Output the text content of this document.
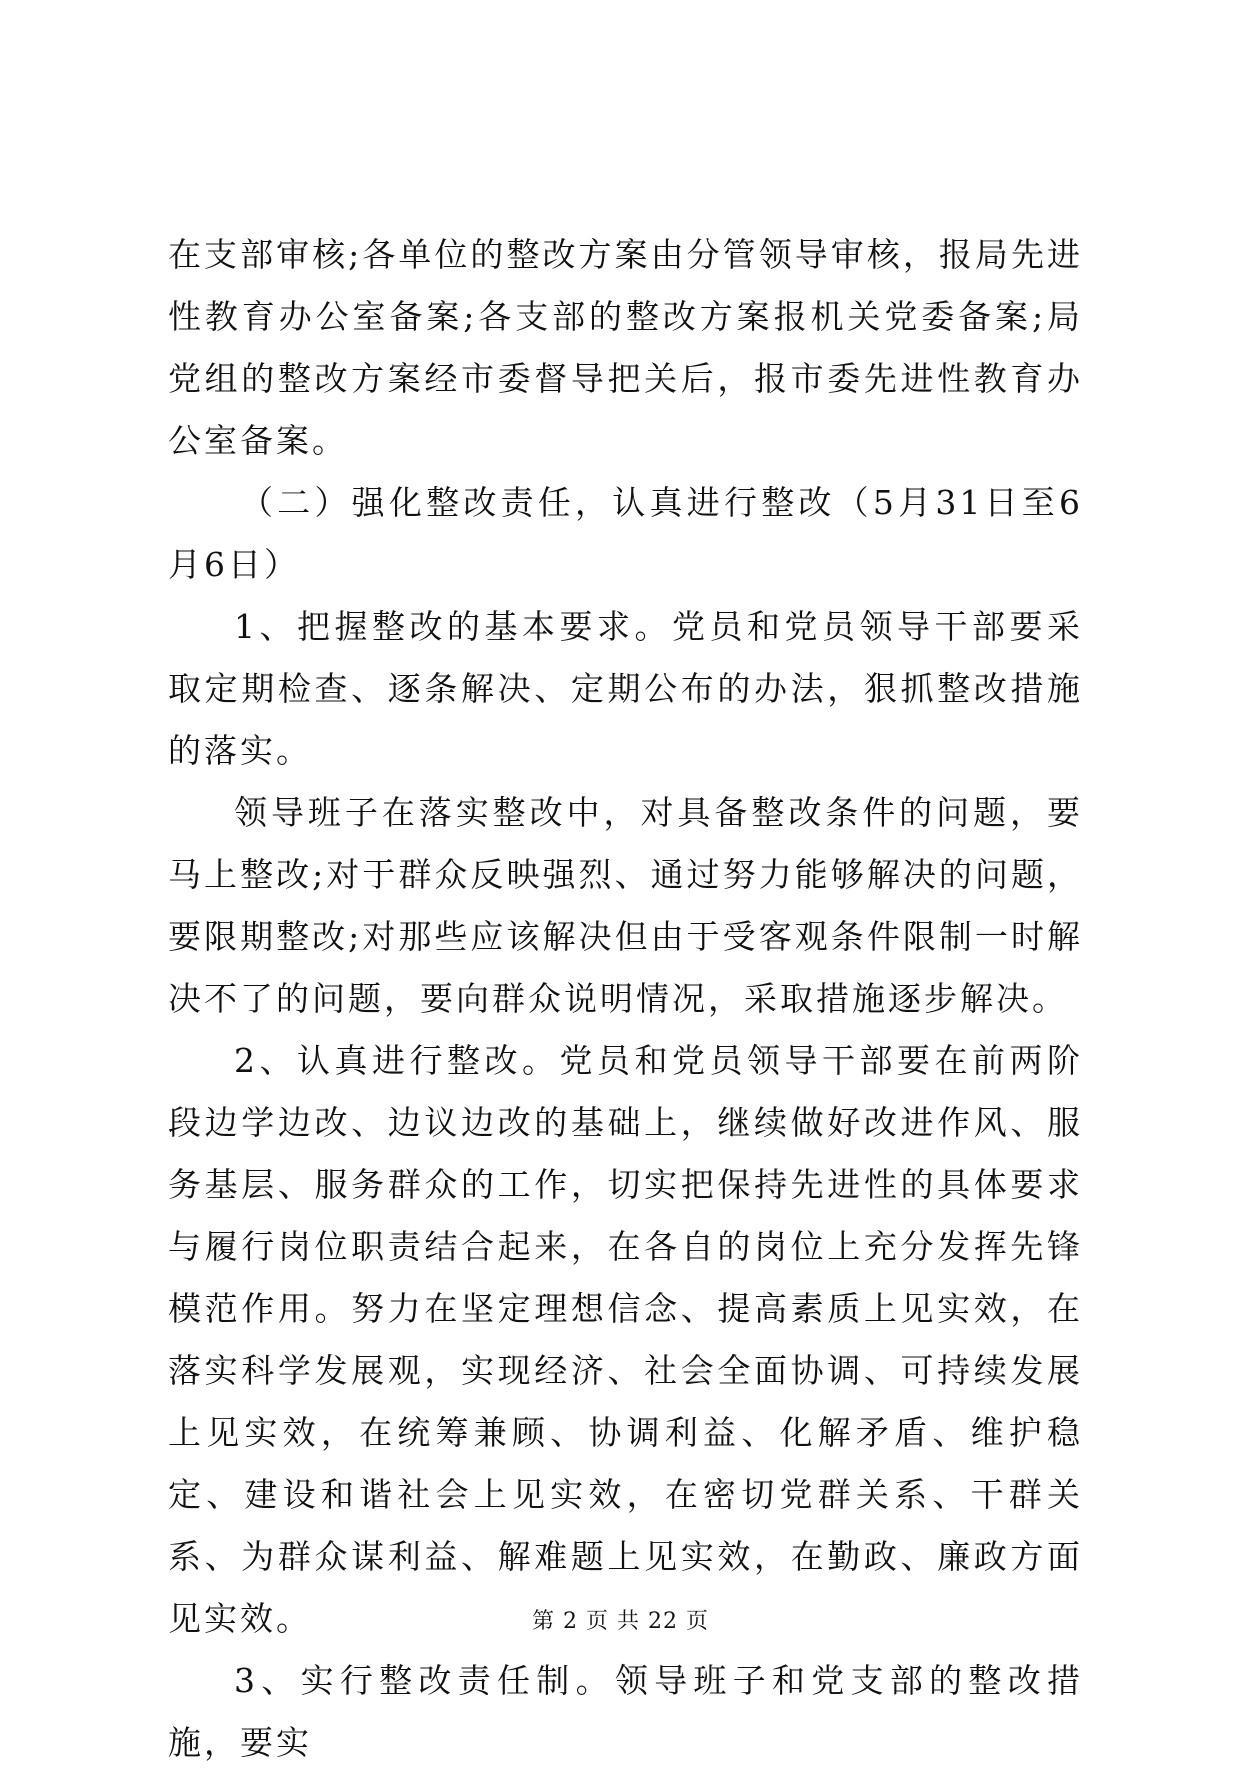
在支部审核;各单位的整改方案由分管领导审核，报局先进性教育办公室备案;各支部的整改方案报机关党委备案;局党组的整改方案经市委督导把关后，报市委先进性教育办公室备案。

（二）强化整改责任，认真进行整改（5月31日至6月6日）

1、把握整改的基本要求。党员和党员领导干部要采取定期检查、逐条解决、定期公布的办法，狠抓整改措施的落实。

领导班子在落实整改中，对具备整改条件的问题，要马上整改;对于群众反映强烈、通过努力能够解决的问题，要限期整改;对那些应该解决但由于受客观条件限制一时解决不了的问题，要向群众说明情况，采取措施逐步解决。

2、认真进行整改。党员和党员领导干部要在前两阶段边学边改、边议边改的基础上，继续做好改进作风、服务基层、服务群众的工作，切实把保持先进性的具体要求与履行岗位职责结合起来，在各自的岗位上充分发挥先锋模范作用。努力在坚定理想信念、提高素质上见实效，在落实科学发展观，实现经济、社会全面协调、可持续发展上见实效，在统筹兼顾、协调利益、化解矛盾、维护稳定、建设和谐社会上见实效，在密切党群关系、干群关系、为群众谋利益、解难题上见实效，在勤政、廉政方面见实效。

3、实行整改责任制。领导班子和党支部的整改措施，要实

第 2 页 共 22 页
